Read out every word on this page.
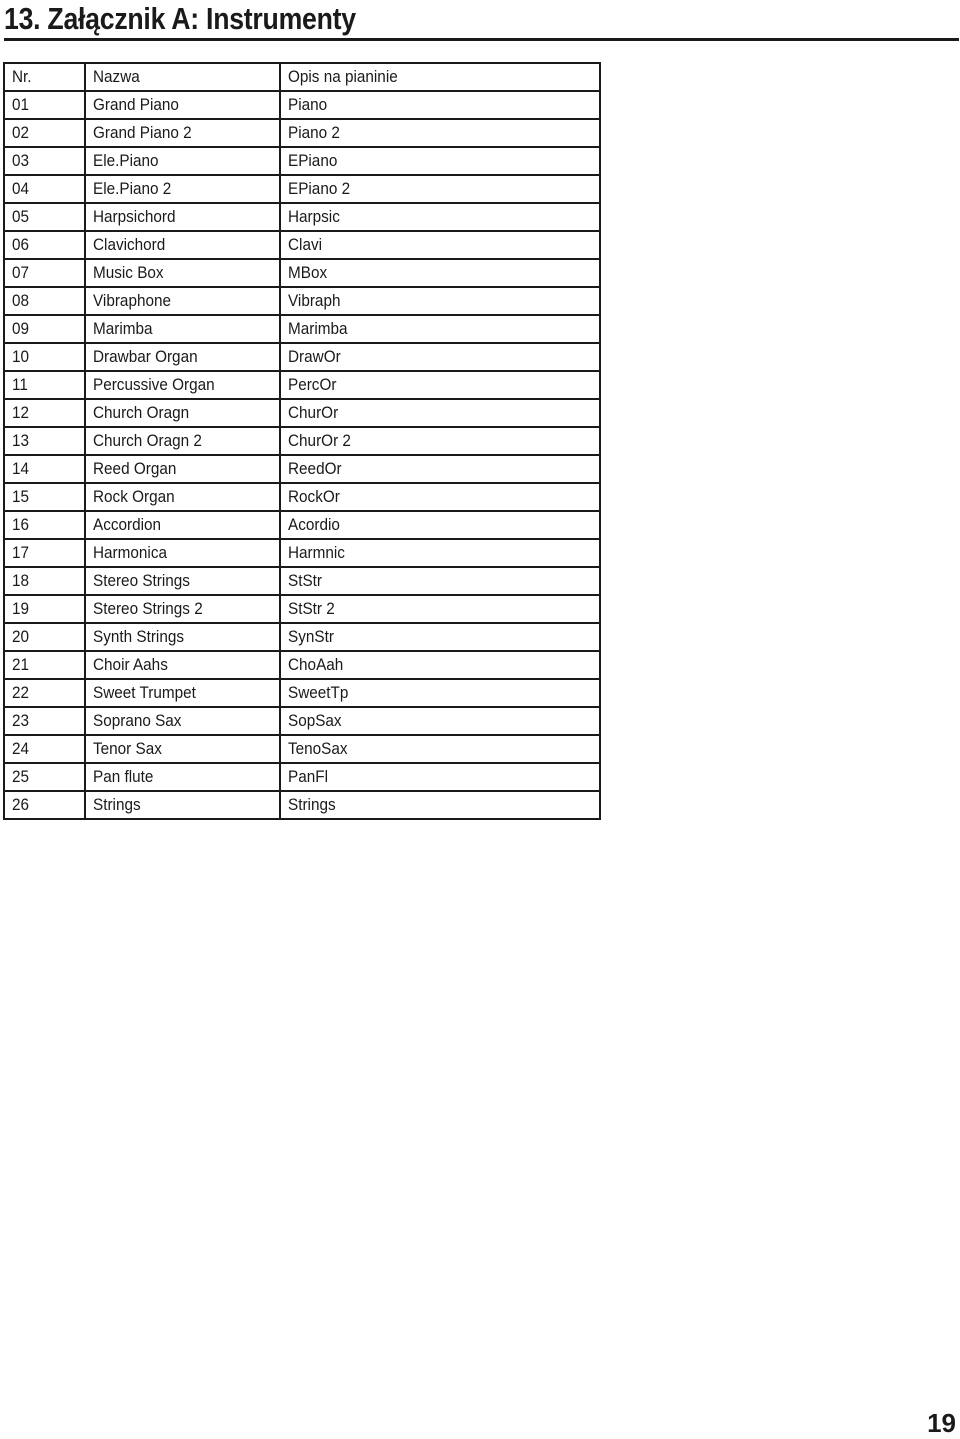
13. Załącznik A: Instrumenty
Nr.	Nazwa	Opis na pianinie
01	Grand Piano	Piano
02	Grand Piano 2	Piano 2
03	Ele.Piano	EPiano
04	Ele.Piano 2	EPiano 2
05	Harpsichord	Harpsic
06	Clavichord	Clavi
07	Music Box	MBox
08	Vibraphone	Vibraph
09	Marimba	Marimba
10	Drawbar Organ	DrawOr
11	Percussive Organ	PercOr
12	Church Oragn	ChurOr
13	Church Oragn 2	ChurOr 2
14	Reed Organ	ReedOr
15	Rock Organ	RockOr
16	Accordion	Acordio
17	Harmonica	Harmnic
18	Stereo Strings	StStr
19	Stereo Strings 2	StStr 2
20	Synth Strings	SynStr
21	Choir Aahs	ChoAah
22	Sweet Trumpet	SweetTp
23	Soprano Sax	SopSax
24	Tenor Sax	TenoSax
25	Pan flute	PanFl
26	Strings	Strings
19
